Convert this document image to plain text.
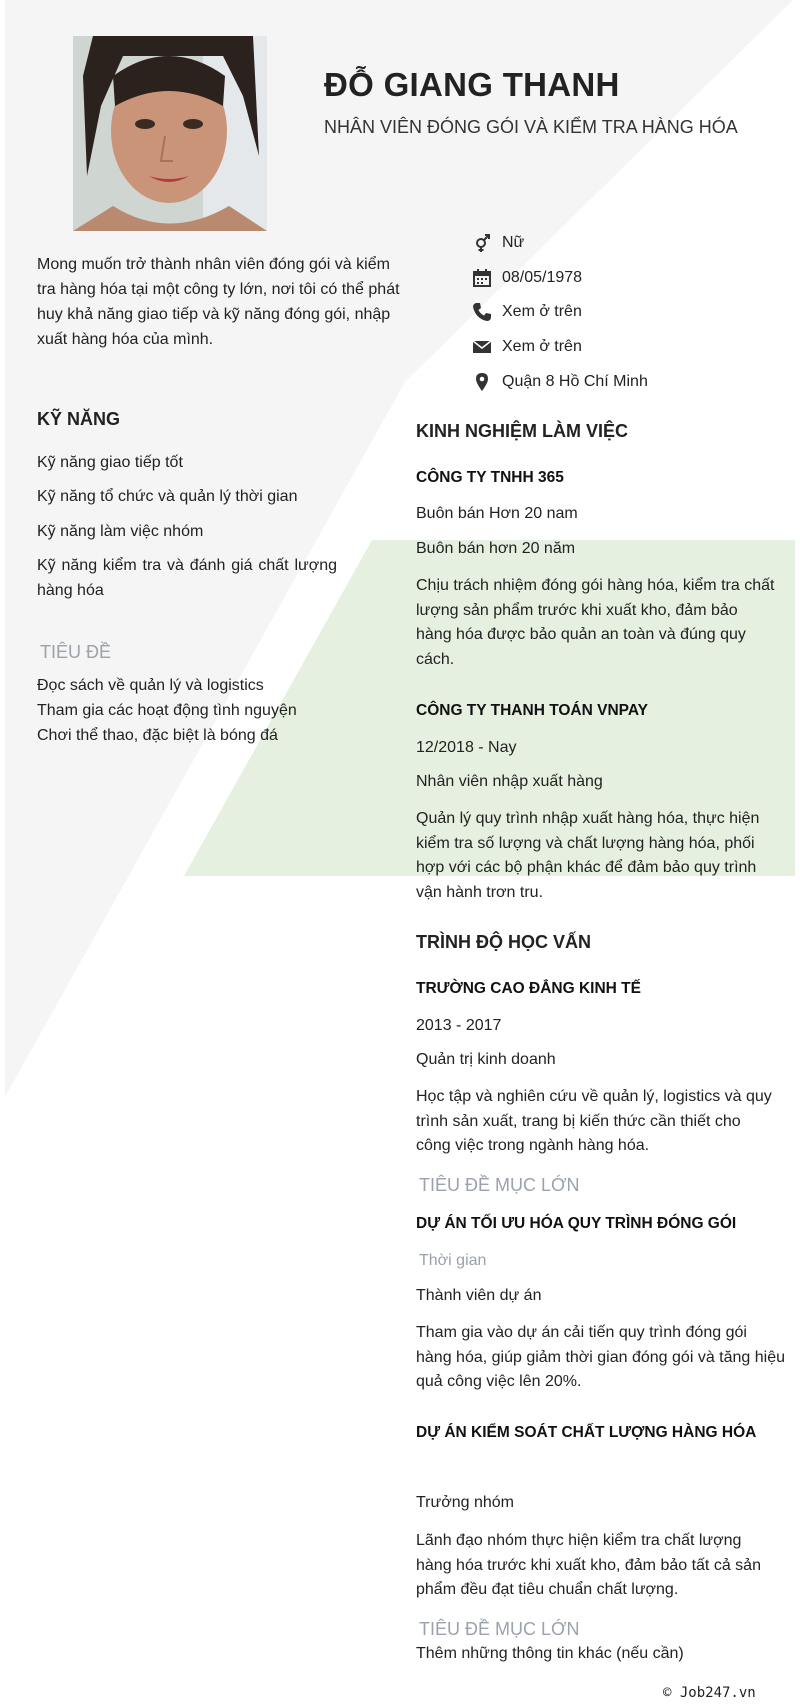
ĐỖ GIANG THANH
NHÂN VIÊN ĐÓNG GÓI VÀ KIỂM TRA HÀNG HÓA
Mong muốn trở thành nhân viên đóng gói và kiểm tra hàng hóa tại một công ty lớn, nơi tôi có thể phát huy khả năng giao tiếp và kỹ năng đóng gói, nhập xuất hàng hóa của mình.
Nữ
08/05/1978
Xem ở trên
Xem ở trên
Quận 8 Hồ Chí Minh
KỸ NĂNG
Kỹ năng giao tiếp tốt
Kỹ năng tổ chức và quản lý thời gian
Kỹ năng làm việc nhóm
Kỹ năng kiểm tra và đánh giá chất lượng hàng hóa
TIÊU ĐỀ
Đọc sách về quản lý và logistics
Tham gia các hoạt động tình nguyện
Chơi thể thao, đặc biệt là bóng đá
KINH NGHIỆM LÀM VIỆC
CÔNG TY TNHH 365
Buôn bán Hơn 20 nam
Buôn bán hơn 20 năm
Chịu trách nhiệm đóng gói hàng hóa, kiểm tra chất lượng sản phẩm trước khi xuất kho, đảm bảo hàng hóa được bảo quản an toàn và đúng quy cách.
CÔNG TY THANH TOÁN VNPAY
12/2018 - Nay
Nhân viên nhập xuất hàng
Quản lý quy trình nhập xuất hàng hóa, thực hiện kiểm tra số lượng và chất lượng hàng hóa, phối hợp với các bộ phận khác để đảm bảo quy trình vận hành trơn tru.
TRÌNH ĐỘ HỌC VẤN
TRƯỜNG CAO ĐẲNG KINH TẾ
2013 - 2017
Quản trị kinh doanh
Học tập và nghiên cứu về quản lý, logistics và quy trình sản xuất, trang bị kiến thức cần thiết cho công việc trong ngành hàng hóa.
TIÊU ĐỀ MỤC LỚN
DỰ ÁN TỐI ƯU HÓA QUY TRÌNH ĐÓNG GÓI
Thời gian
Thành viên dự án
Tham gia vào dự án cải tiến quy trình đóng gói hàng hóa, giúp giảm thời gian đóng gói và tăng hiệu quả công việc lên 20%.
DỰ ÁN KIỂM SOÁT CHẤT LƯỢNG HÀNG HÓA
Trưởng nhóm
Lãnh đạo nhóm thực hiện kiểm tra chất lượng hàng hóa trước khi xuất kho, đảm bảo tất cả sản phẩm đều đạt tiêu chuẩn chất lượng.
TIÊU ĐỀ MỤC LỚN
Thêm những thông tin khác (nếu cần)
© Job247.vn
